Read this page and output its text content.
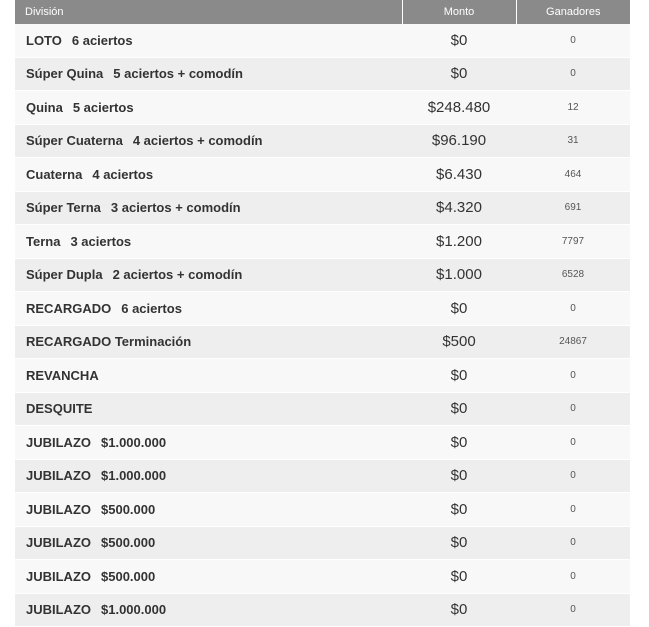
División	Monto	Ganadores
LOTO 6 aciertos	$0	0
Súper Quina 5 aciertos + comodín	$0	0
Quina 5 aciertos	$248.480	12
Súper Cuaterna 4 aciertos + comodín	$96.190	31
Cuaterna 4 aciertos	$6.430	464
Súper Terna 3 aciertos + comodín	$4.320	691
Terna 3 aciertos	$1.200	7797
Súper Dupla 2 aciertos + comodín	$1.000	6528
RECARGADO 6 aciertos	$0	0
RECARGADO Terminación	$500	24867
REVANCHA	$0	0
DESQUITE	$0	0
JUBILAZO $1.000.000	$0	0
JUBILAZO $1.000.000	$0	0
JUBILAZO $500.000	$0	0
JUBILAZO $500.000	$0	0
JUBILAZO $500.000	$0	0
JUBILAZO $1.000.000	$0	0
